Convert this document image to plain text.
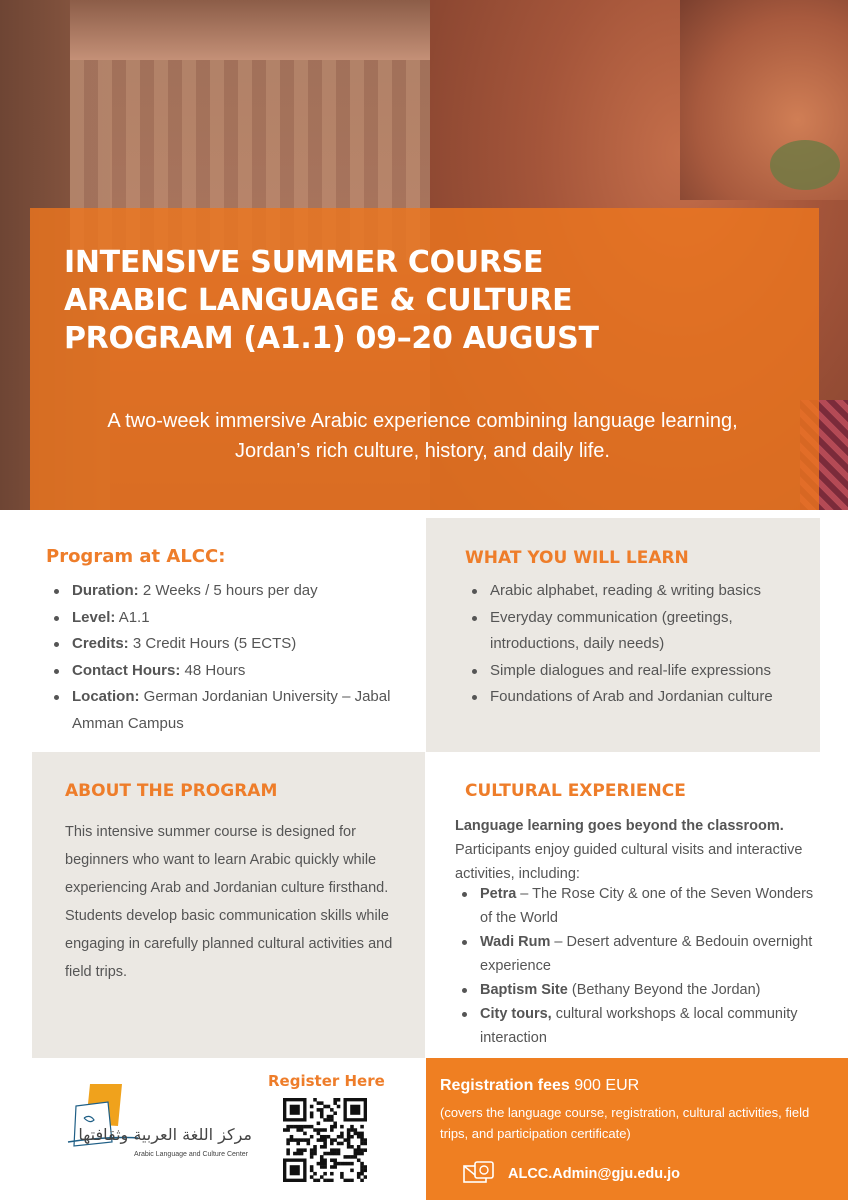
INTENSIVE SUMMER COURSE
ARABIC LANGUAGE & CULTURE
PROGRAM (A1.1) 09–20 AUGUST

A two-week immersive Arabic experience combining language learning, Jordan’s rich culture, history, and daily life.

Program at ALCC:
Duration: 2 Weeks / 5 hours per day
Level: A1.1
Credits: 3 Credit Hours (5 ECTS)
Contact Hours: 48 Hours
Location: German Jordanian University – Jabal Amman Campus
WHAT YOU WILL LEARN
Arabic alphabet, reading & writing basics
Everyday communication (greetings, introductions, daily needs)
Simple dialogues and real-life expressions
Foundations of Arab and Jordanian culture
ABOUT THE PROGRAM

This intensive summer course is designed for beginners who want to learn Arabic quickly while experiencing Arab and Jordanian culture firsthand.

Students develop basic communication skills while engaging in carefully planned cultural activities and field trips.

CULTURAL EXPERIENCE
Language learning goes beyond the classroom.
Participants enjoy guided cultural visits and interactive activities, including:
Petra – The Rose City & one of the Seven Wonders of the World
Wadi Rum – Desert adventure & Bedouin overnight experience
Baptism Site (Bethany Beyond the Jordan)
City tours, cultural workshops & local community interaction
مركز اللغة العربية وثقافتها
Arabic Language and Culture Center
Register Here	Registration fees 900 EUR
(covers the language course, registration, cultural activities, field trips, and participation certificate)
ALCC.Admin@gju.edu.jo
